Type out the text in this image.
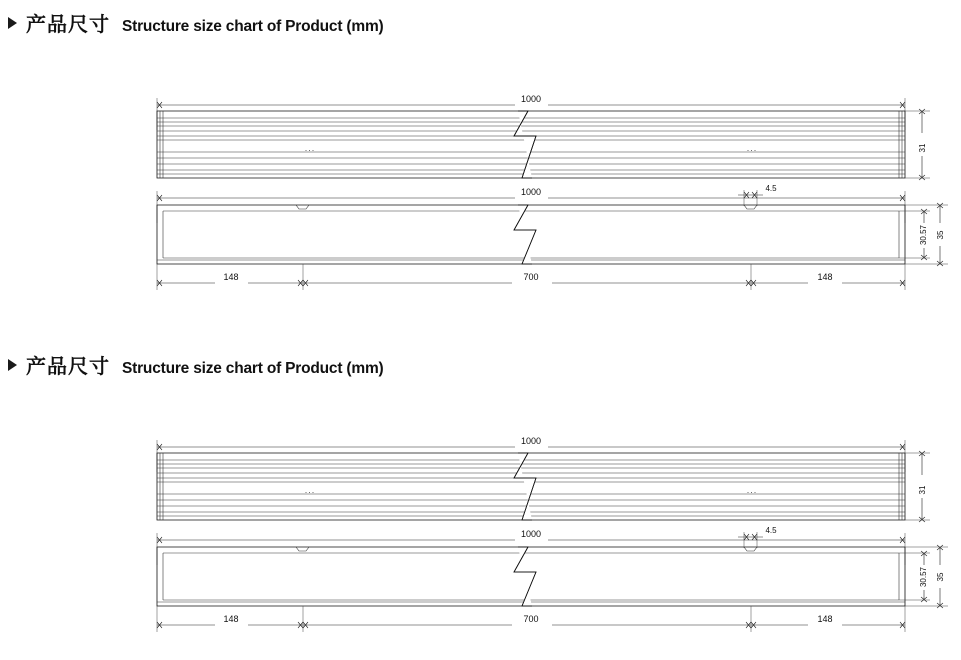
产品尺寸 Structure size chart of Product (mm)
1000
...	...	31
1000	4.5
35
30.57
148	700	148
产品尺寸 Structure size chart of Product (mm)
1000
...	...	31
1000	4.5
35
30.57
148	700	148
